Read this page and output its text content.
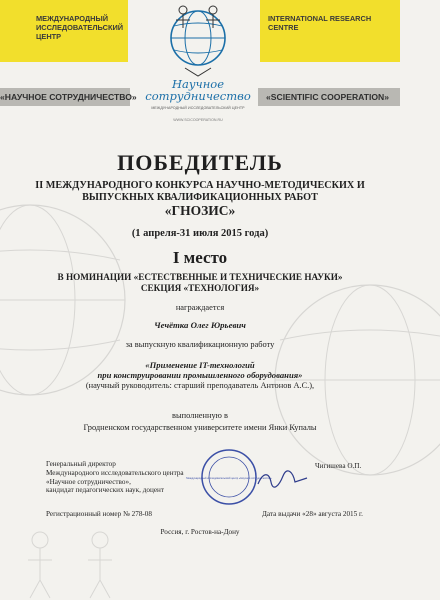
МЕЖДУНАРОДНЫЙ ИССЛЕДОВАТЕЛЬСКИЙ ЦЕНТР
INTERNATIONAL RESEARCH CENTRE
«НАУЧНОЕ СОТРУДНИЧЕСТВО»	«SCIENTIFIC COOPERATION»
Научное сотрудничество
МЕЖДУНАРОДНЫЙ ИССЛЕДОВАТЕЛЬСКИЙ ЦЕНТР
WWW.SCICOOPERATION.RU
ПОБЕДИТЕЛЬ
II МЕЖДУНАРОДНОГО КОНКУРСА НАУЧНО-МЕТОДИЧЕСКИХ И
ВЫПУСКНЫХ КВАЛИФИКАЦИОННЫХ РАБОТ
«ГНОЗИС»
(1 апреля-31 июля 2015 года)
I место
В НОМИНАЦИИ «ЕСТЕСТВЕННЫЕ И ТЕХНИЧЕСКИЕ НАУКИ»
СЕКЦИЯ «ТЕХНОЛОГИЯ»
награждается
Чечётка Олег Юрьевич
за выпускную квалификационную работу
«Применение IT-технологий
при конструировании промышленного оборудования»
(научный руководитель: старший преподаватель Антонов А.С.),
выполненную в
Гродненском государственном университете имени Янки Купалы
Генеральный директор
Международного исследовательского центра
«Научное сотрудничество»,
кандидат педагогических наук, доцент
Международный исследовательский центр «Научное сотрудничество»
Чигишева О.П.
Регистрационный номер № 278-08	Дата выдачи «28» августа 2015 г.
Россия, г. Ростов-на-Дону
